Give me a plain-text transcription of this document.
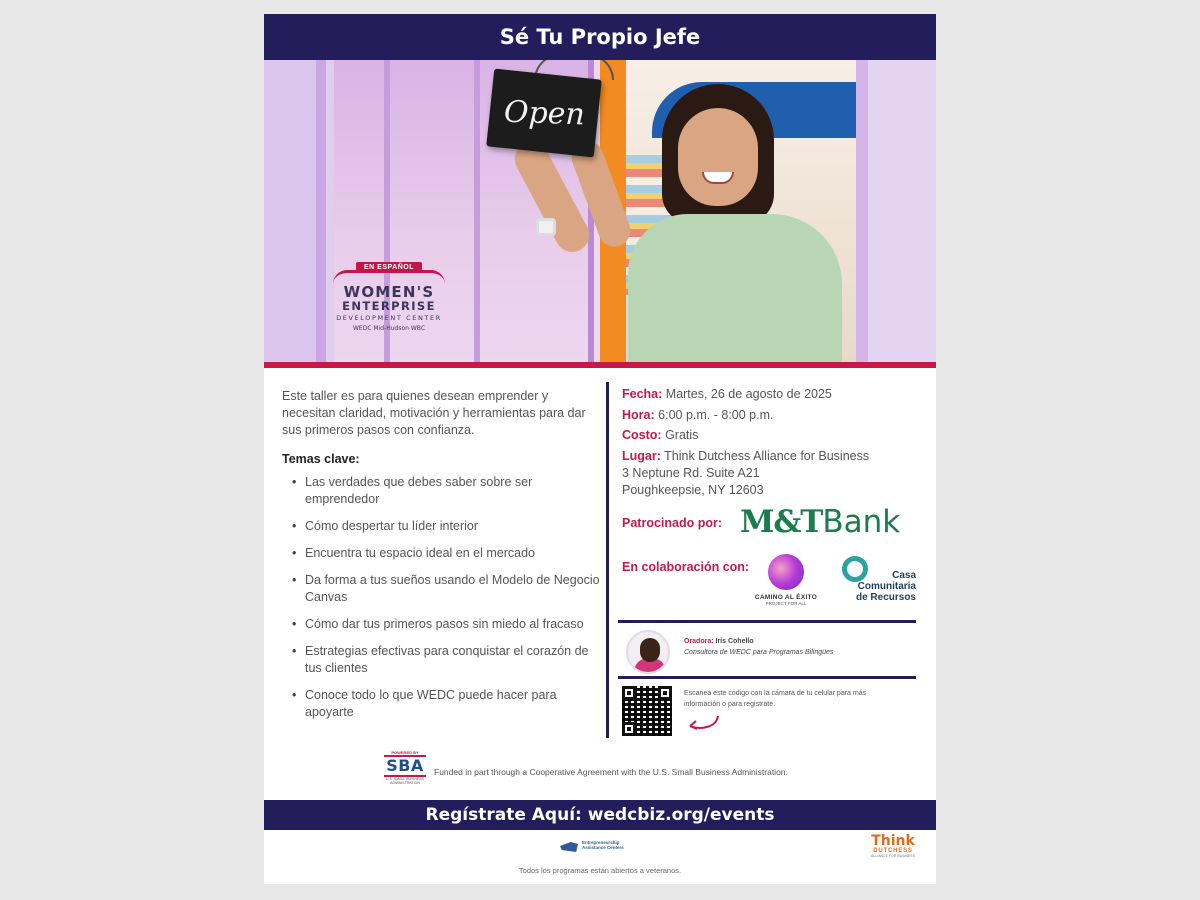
Sé Tu Propio Jefe
Open
EN ESPAÑOL
WOMEN'S
ENTERPRISE
DEVELOPMENT CENTER
WEDC Mid-Hudson WBC

Este taller es para quienes desean emprender y necesitan claridad, motivación y herramientas para dar sus primeros pasos con confianza.

Temas clave:

• Las verdades que debes saber sobre ser emprendedor
• Cómo despertar tu líder interior
• Encuentra tu espacio ideal en el mercado
• Da forma a tus sueños usando el Modelo de Negocio Canvas
• Cómo dar tus primeros pasos sin miedo al fracaso
• Estrategias efectivas para conquistar el corazón de tus clientes
• Conoce todo lo que WEDC puede hacer para apoyarte

Fecha: Martes, 26 de agosto de 2025

Hora: 6:00 p.m. - 8:00 p.m.

Costo: Gratis

Lugar: Think Dutchess Alliance for Business

3 Neptune Rd. Suite A21

Poughkeepsie, NY 12603

Patrocinado por: M&TBank
En colaboración con:
CAMINO AL ÉXITO
PROJECT FOR ALL
Casa Comunitaria de Recursos
Oradora: Iris Cohello
Consultora de WEDC para Programas Bilingües
Escanea este código con la cámara de tu celular para más información o para registrate.
POWERED BY
SBA
U.S. SMALL BUSINESS ADMINISTRATION
Funded in part through a Cooperative Agreement with the U.S. Small Business Administration.
Regístrate Aquí: wedcbiz.org/events
Entrepreneurship
Assistance Centers	Think
DUTCHESS
ALLIANCE FOR BUSINESS
Todos los programas están abiertos a veteranos.
